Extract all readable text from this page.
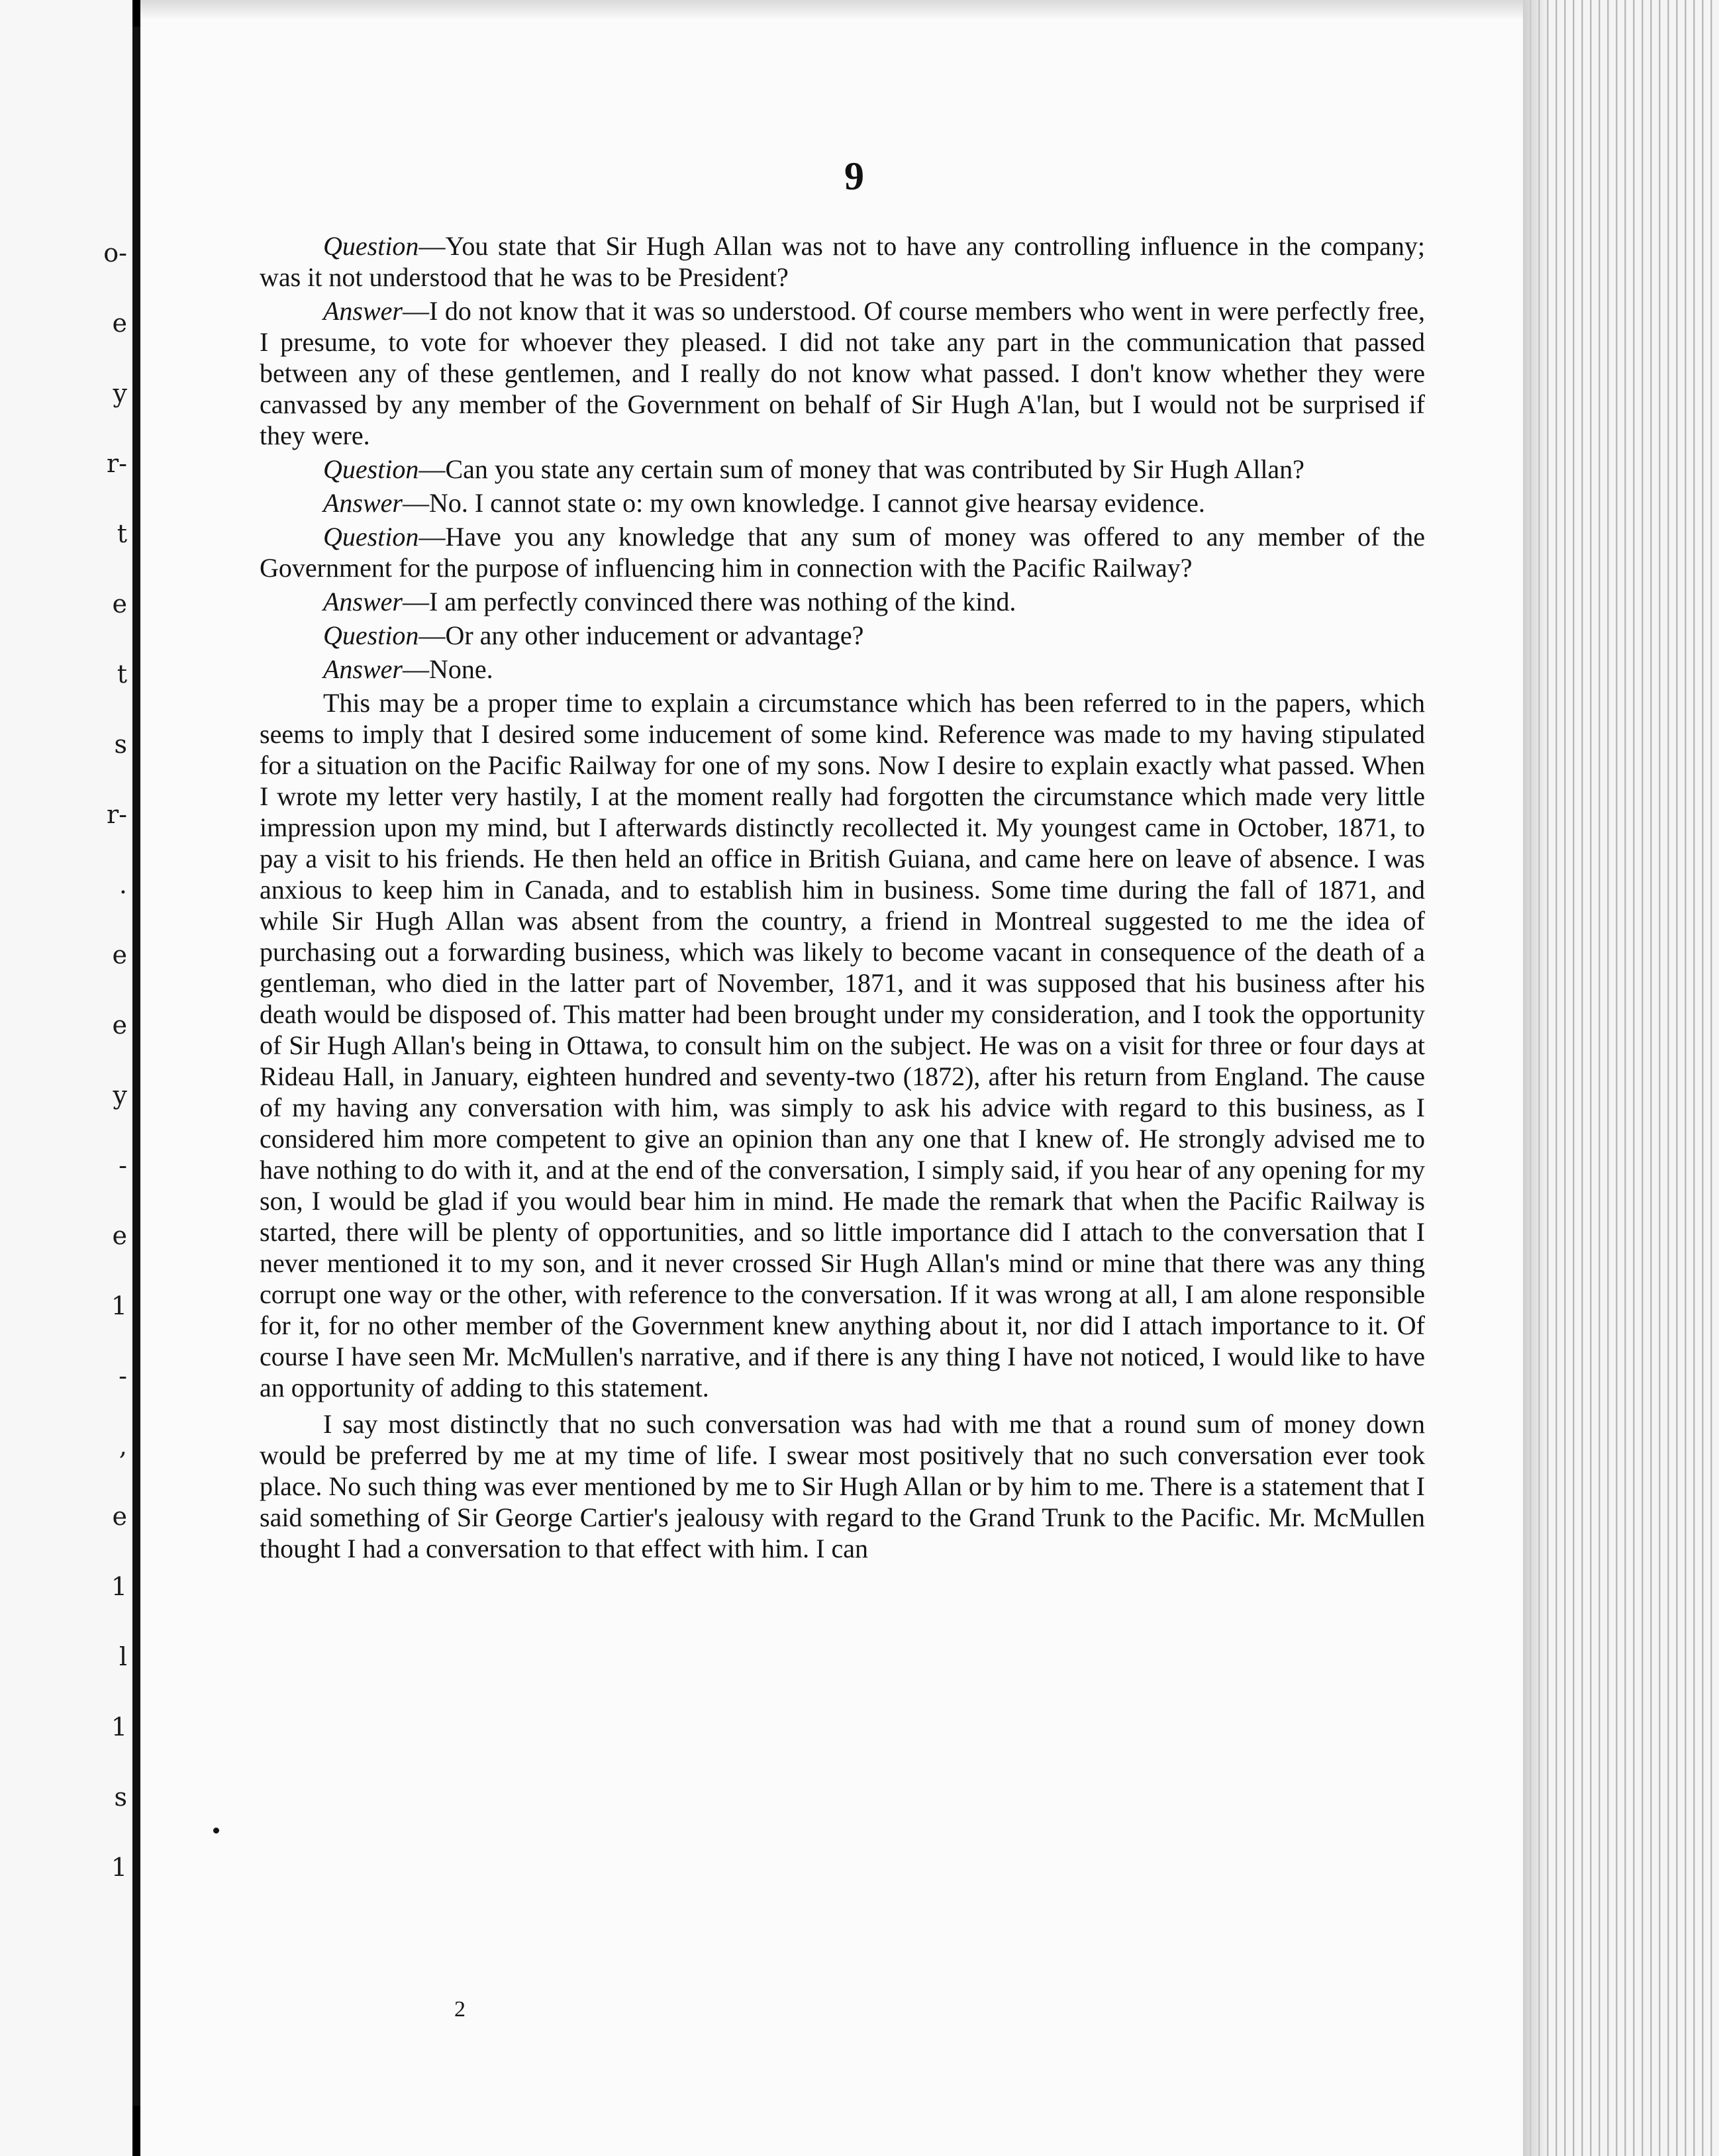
o-
e
y
r-
t
e
t
s
r-
.
e
e
y
-
e
1
-
,
e
1
l
1
s
1
9

Question—You state that Sir Hugh Allan was not to have any controlling influence in the company; was it not understood that he was to be President?

Answer—I do not know that it was so understood. Of course members who went in were perfectly free, I presume, to vote for whoever they pleased. I did not take any part in the communication that passed between any of these gentlemen, and I really do not know what passed. I don't know whether they were canvassed by any member of the Government on behalf of Sir Hugh A'lan, but I would not be surprised if they were.

Question—Can you state any certain sum of money that was contributed by Sir Hugh Allan?

Answer—No. I cannot state o: my own knowledge. I cannot give hearsay evidence.

Question—Have you any knowledge that any sum of money was offered to any member of the Government for the purpose of influencing him in connection with the Pacific Railway?

Answer—I am perfectly convinced there was nothing of the kind.

Question—Or any other inducement or advantage?

Answer—None.

This may be a proper time to explain a circumstance which has been referred to in the papers, which seems to imply that I desired some inducement of some kind. Reference was made to my having stipulated for a situation on the Pacific Railway for one of my sons. Now I desire to explain exactly what passed. When I wrote my letter very hastily, I at the moment really had forgotten the circumstance which made very little impression upon my mind, but I afterwards distinctly recollected it. My youngest came in October, 1871, to pay a visit to his friends. He then held an office in British Guiana, and came here on leave of absence. I was anxious to keep him in Canada, and to establish him in business. Some time during the fall of 1871, and while Sir Hugh Allan was absent from the country, a friend in Montreal suggested to me the idea of purchasing out a forwarding business, which was likely to become vacant in consequence of the death of a gentleman, who died in the latter part of November, 1871, and it was supposed that his business after his death would be disposed of. This matter had been brought under my consideration, and I took the opportunity of Sir Hugh Allan's being in Ottawa, to consult him on the subject. He was on a visit for three or four days at Rideau Hall, in January, eighteen hundred and seventy-two (1872), after his return from England. The cause of my having any conversation with him, was simply to ask his advice with regard to this business, as I considered him more competent to give an opinion than any one that I knew of. He strongly advised me to have nothing to do with it, and at the end of the conversation, I simply said, if you hear of any opening for my son, I would be glad if you would bear him in mind. He made the remark that when the Pacific Railway is started, there will be plenty of opportunities, and so little importance did I attach to the conversation that I never mentioned it to my son, and it never crossed Sir Hugh Allan's mind or mine that there was any thing corrupt one way or the other, with reference to the conversation. If it was wrong at all, I am alone responsible for it, for no other member of the Government knew anything about it, nor did I attach importance to it. Of course I have seen Mr. McMullen's narrative, and if there is any thing I have not noticed, I would like to have an opportunity of adding to this statement.

I say most distinctly that no such conversation was had with me that a round sum of money down would be preferred by me at my time of life. I swear most positively that no such conversation ever took place. No such thing was ever mentioned by me to Sir Hugh Allan or by him to me. There is a statement that I said something of Sir George Cartier's jealousy with regard to the Grand Trunk to the Pacific. Mr. McMullen thought I had a conversation to that effect with him. I can

2
